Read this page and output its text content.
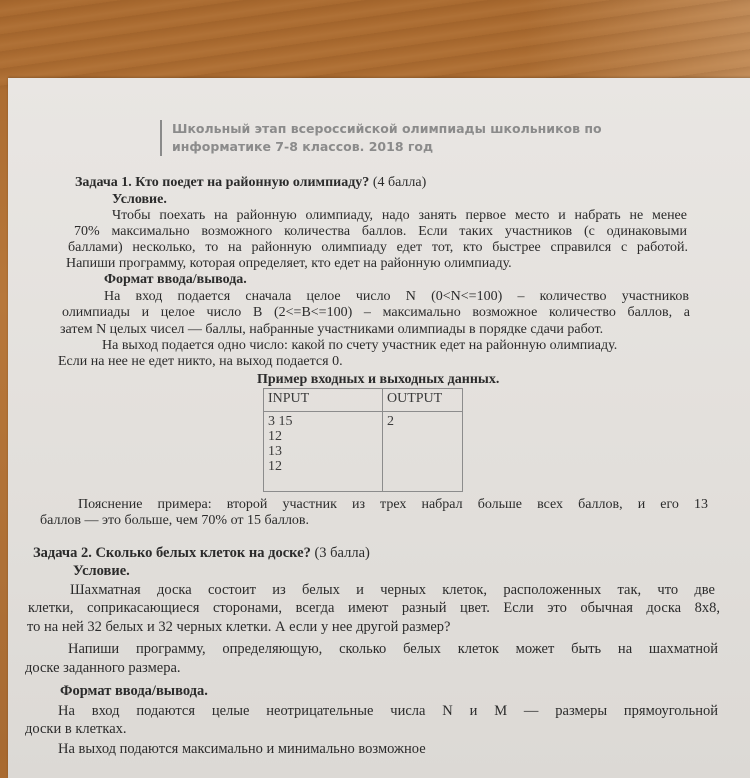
Школьный этап всероссийской олимпиады школьников по
информатике 7-8 классов. 2018 год
Задача 1. Кто поедет на районную олимпиаду? (4 балла)
Условие.
Чтобы поехать на районную олимпиаду, надо занять первое место и набрать не менее
70% максимально возможного количества баллов. Если таких участников (с одинаковыми
баллами) несколько, то на районную олимпиаду едет тот, кто быстрее справился с работой.
Напиши программу, которая определяет, кто едет на районную олимпиаду.
Формат ввода/вывода.
На вход подается сначала целое число N (0<N<=100) – количество участников
олимпиады и целое число B (2<=B<=100) – максимально возможное количество баллов, а
затем N целых чисел — баллы, набранные участниками олимпиады в порядке сдачи работ.
На выход подается одно число: какой по счету участник едет на районную олимпиаду.
Если на нее не едет никто, на выход подается 0.
Пример входных и выходных данных.
INPUT	OUTPUT

3 15
12
13
12	2
Пояснение примера: второй участник из трех набрал больше всех баллов, и его 13
баллов — это больше, чем 70% от 15 баллов.
Задача 2. Сколько белых клеток на доске? (3 балла)
Условие.
Шахматная доска состоит из белых и черных клеток, расположенных так, что две
клетки, соприкасающиеся сторонами, всегда имеют разный цвет. Если это обычная доска 8x8,
то на ней 32 белых и 32 черных клетки. А если у нее другой размер?
Напиши программу, определяющую, сколько белых клеток может быть на шахматной
доске заданного размера.
Формат ввода/вывода.
На вход подаются целые неотрицательные числа N и M — размеры прямоугольной
доски в клетках.
На выход подаются максимально и минимально возможное
